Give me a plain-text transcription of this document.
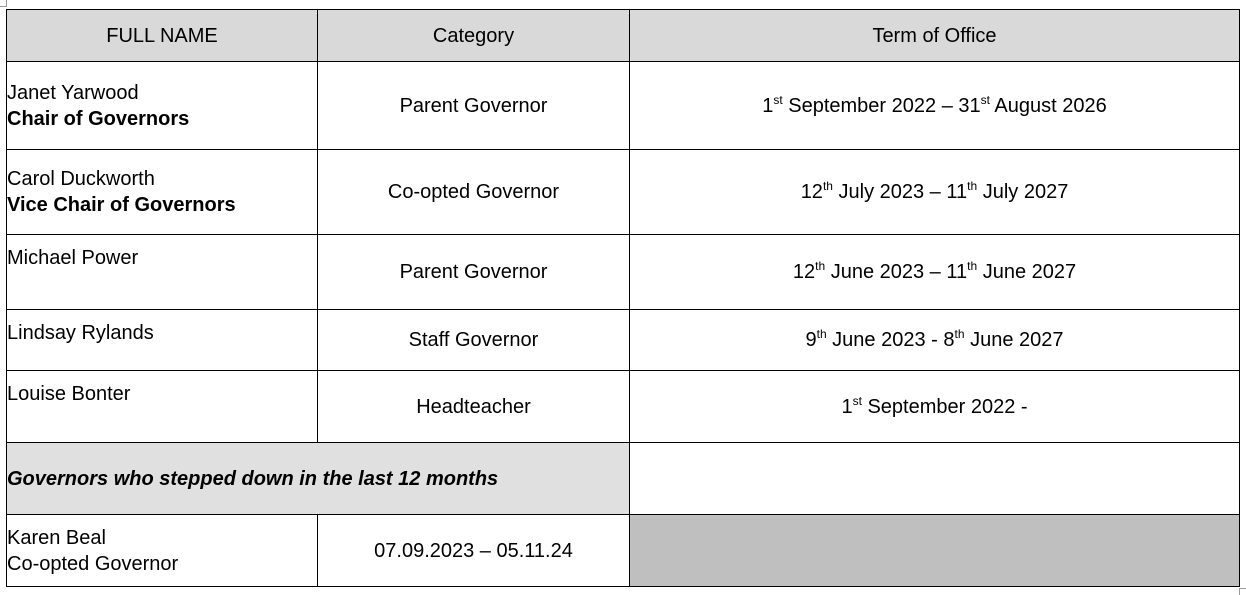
FULL NAME	Category	Term of Office

Janet Yarwood
Chair of Governors	Parent Governor	1st September 2022 – 31st August 2026

Carol Duckworth
Vice Chair of Governors	Co-opted Governor	12th July 2023 – 11th July 2027

Michael Power	Parent Governor	12th June 2023 – 11th June 2027

Lindsay Rylands	Staff Governor	9th June 2023 - 8th June 2027

Louise Bonter	Headteacher	1st September 2022 -
Governors who stepped down in the last 12 months		

Karen Beal
Co-opted Governor	07.09.2023 – 05.11.24	
